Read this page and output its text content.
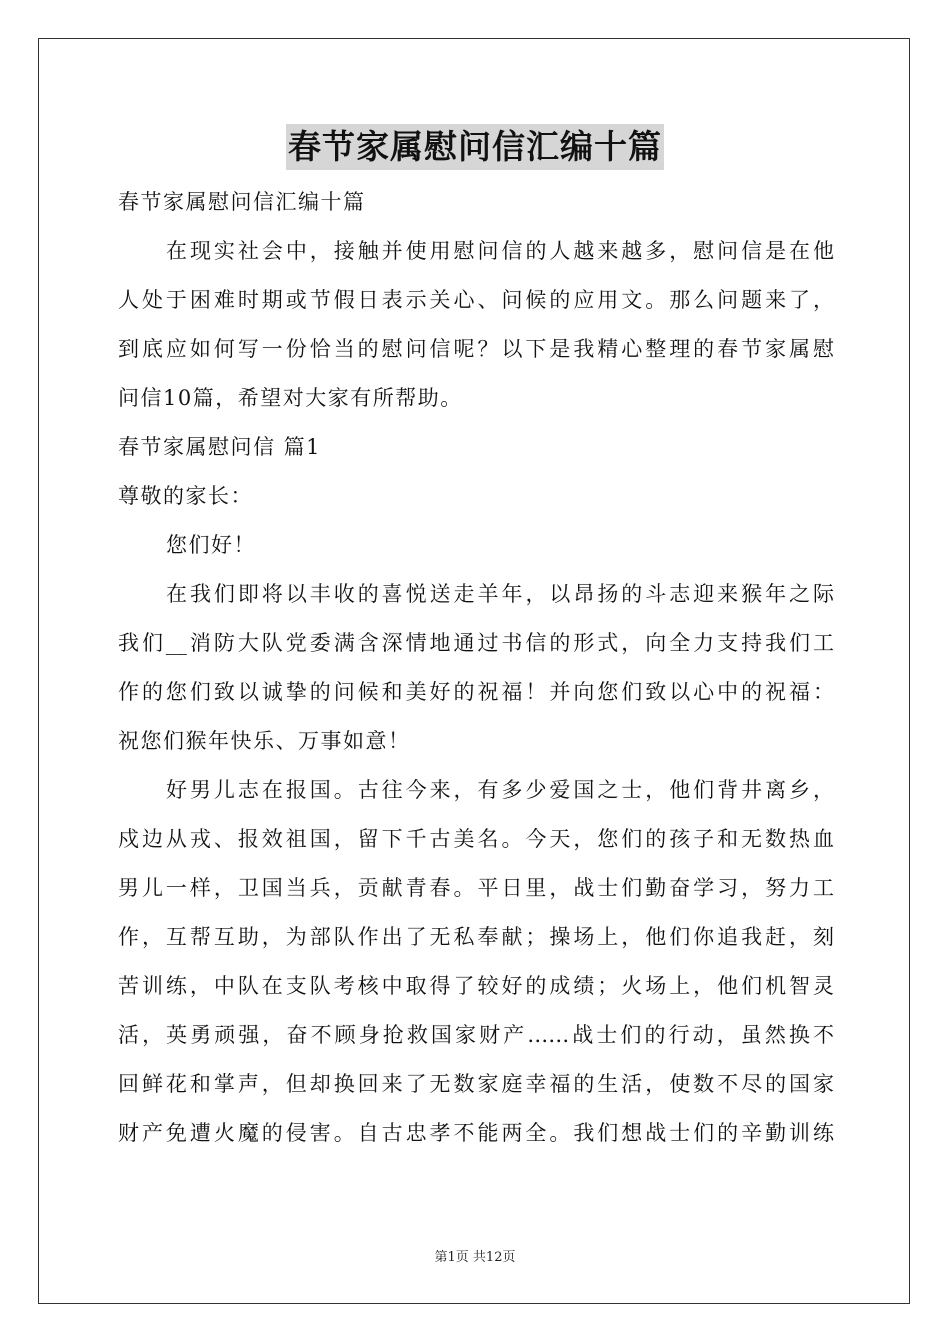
春节家属慰问信汇编十篇
春节家属慰问信汇编十篇
在现实社会中，接触并使用慰问信的人越来越多，慰问信是在他
人处于困难时期或节假日表示关心、问候的应用文。那么问题来了，
到底应如何写一份恰当的慰问信呢？以下是我精心整理的春节家属慰
问信10篇，希望对大家有所帮助。
春节家属慰问信 篇1
尊敬的家长：
您们好！
在我们即将以丰收的喜悦送走羊年，以昂扬的斗志迎来猴年之际
我们__消防大队党委满含深情地通过书信的形式，向全力支持我们工
作的您们致以诚挚的问候和美好的祝福！并向您们致以心中的祝福：
祝您们猴年快乐、万事如意！
好男儿志在报国。古往今来，有多少爱国之士，他们背井离乡，
戍边从戎、报效祖国，留下千古美名。今天，您们的孩子和无数热血
男儿一样，卫国当兵，贡献青春。平日里，战士们勤奋学习，努力工
作，互帮互助，为部队作出了无私奉献；操场上，他们你追我赶，刻
苦训练，中队在支队考核中取得了较好的成绩；火场上，他们机智灵
活，英勇顽强，奋不顾身抢救国家财产……战士们的行动，虽然换不
回鲜花和掌声，但却换回来了无数家庭幸福的生活，使数不尽的国家
财产免遭火魔的侵害。自古忠孝不能两全。我们想战士们的辛勤训练
第1页 共12页
